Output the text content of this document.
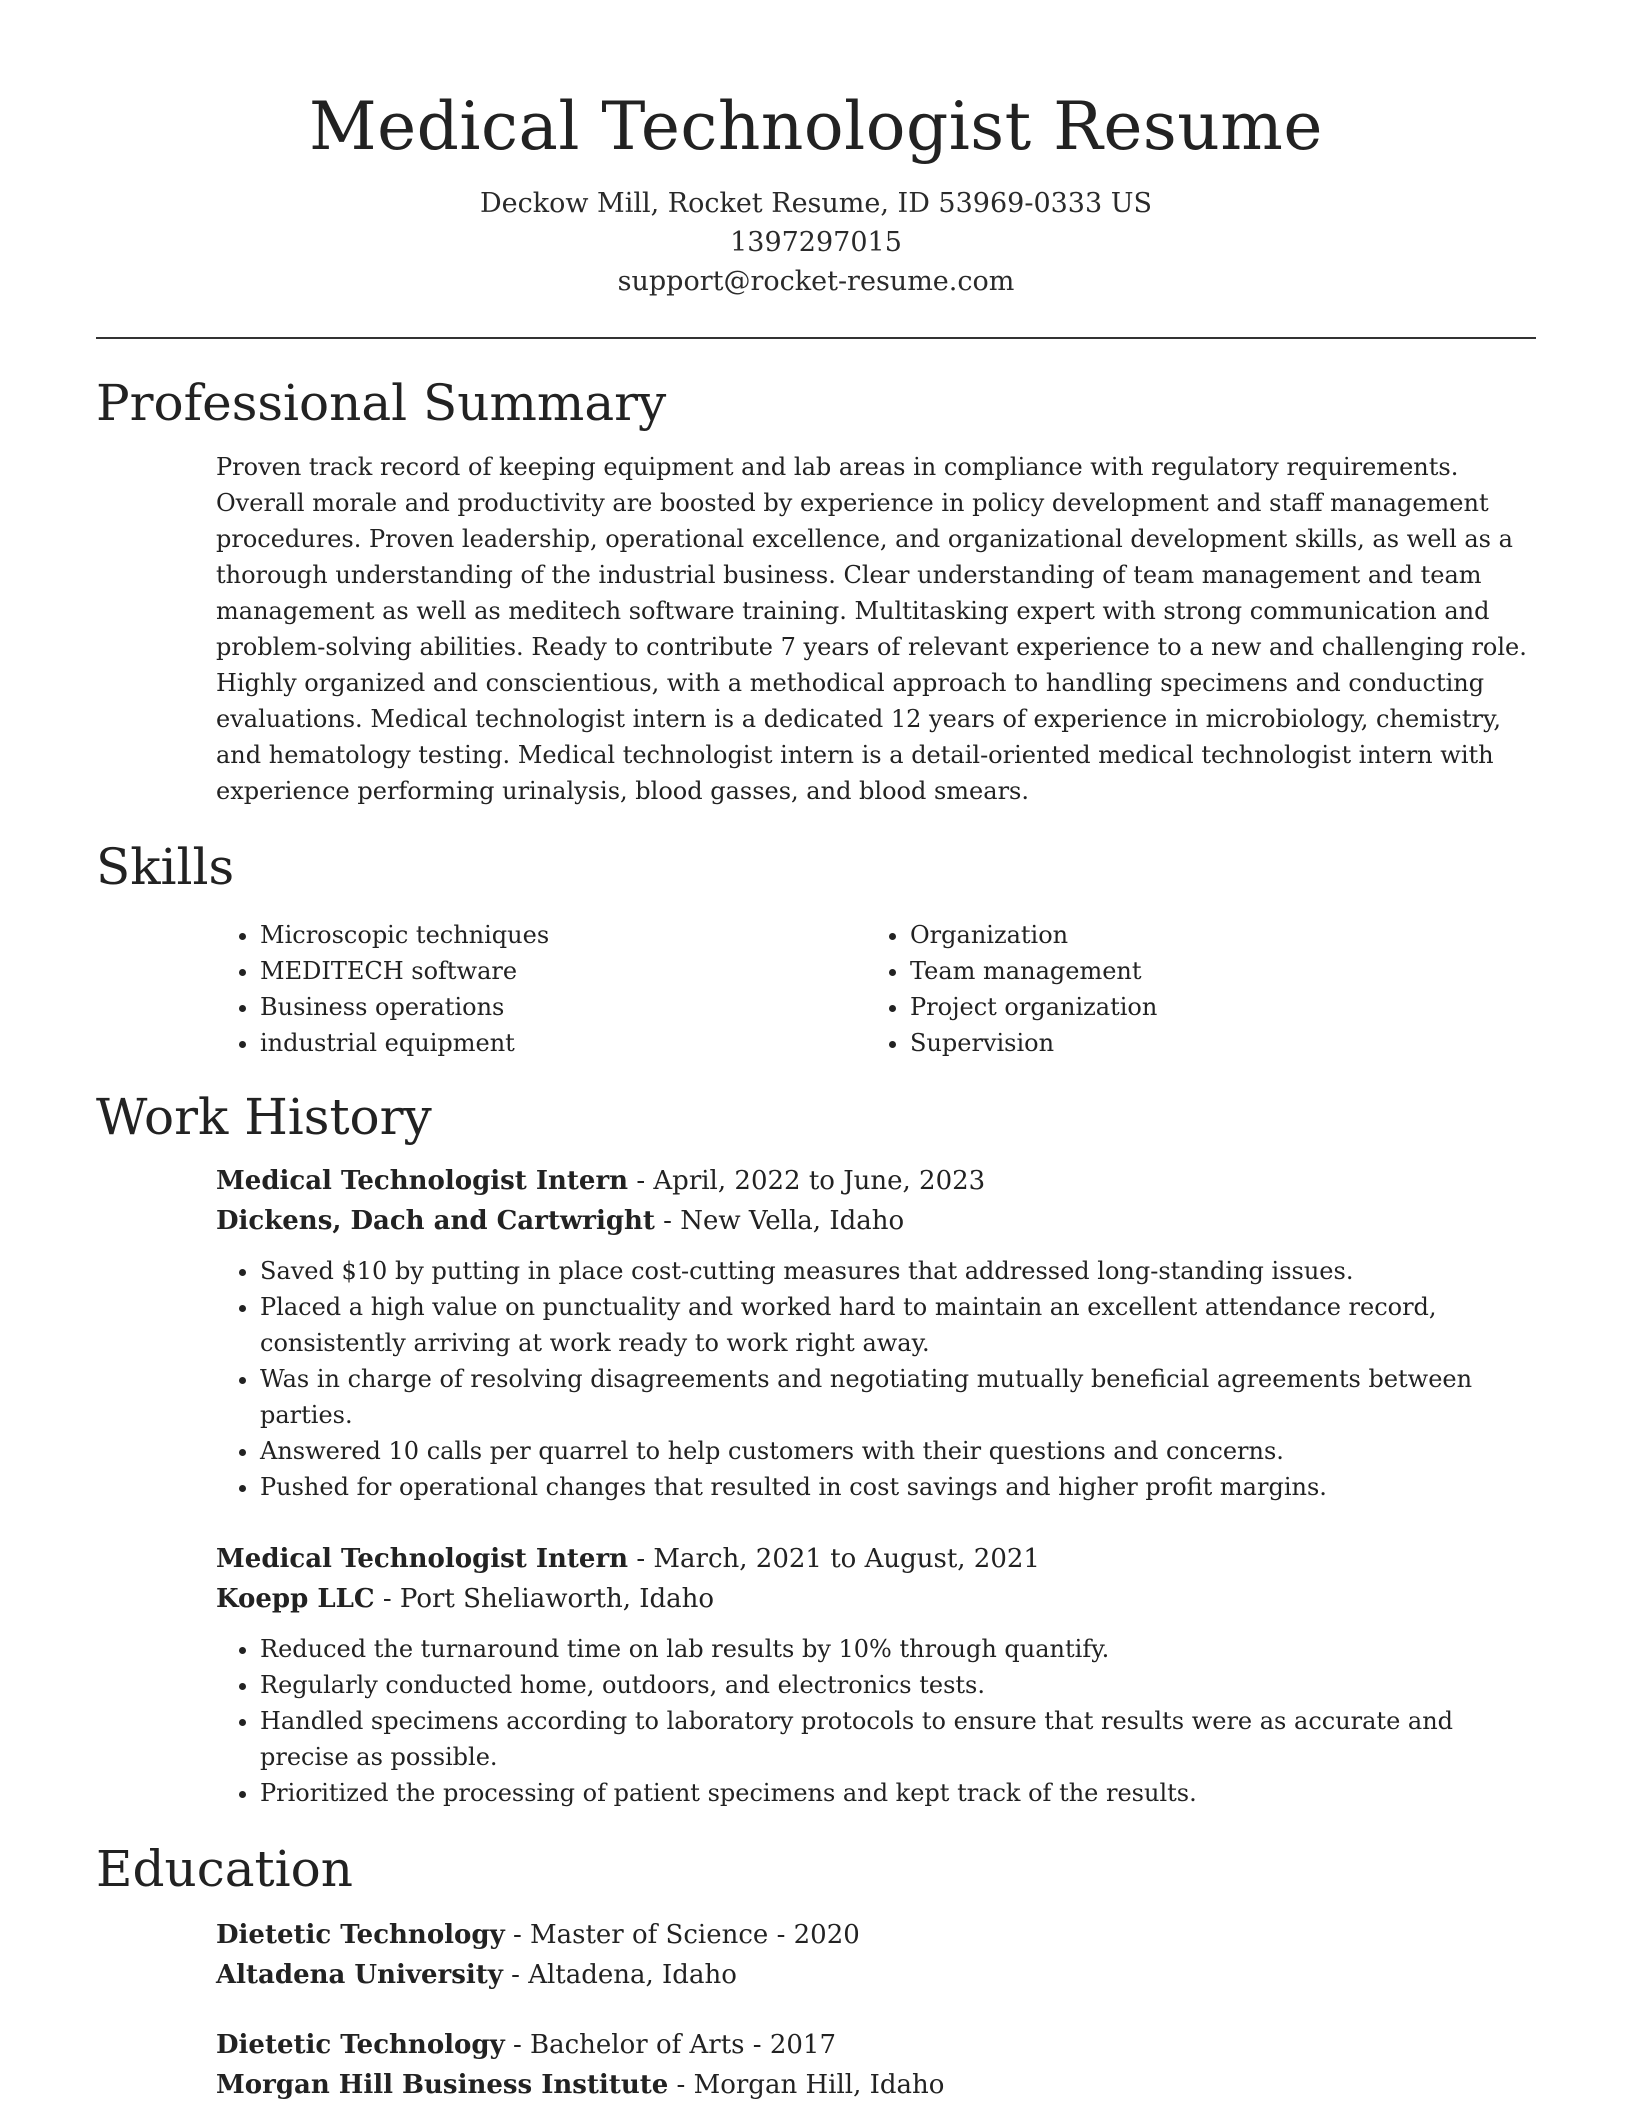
Medical Technologist Resume
Deckow Mill, Rocket Resume, ID 53969-0333 US
1397297015
support@rocket-resume.com
Professional Summary
Proven track record of keeping equipment and lab areas in compliance with regulatory requirements. Overall morale and productivity are boosted by experience in policy development and staff management procedures. Proven leadership, operational excellence, and organizational development skills, as well as a thorough understanding of the industrial business. Clear understanding of team management and team management as well as meditech software training. Multitasking expert with strong communication and problem-solving abilities. Ready to contribute 7 years of relevant experience to a new and challenging role. Highly organized and conscientious, with a methodical approach to handling specimens and conducting evaluations. Medical technologist intern is a dedicated 12 years of experience in microbiology, chemistry, and hematology testing. Medical technologist intern is a detail-oriented medical technologist intern with experience performing urinalysis, blood gasses, and blood smears.
Skills
• Microscopic techniques
• MEDITECH software
• Business operations
• industrial equipment
• Organization
• Team management
• Project organization
• Supervision
Work History
Medical Technologist Intern - April, 2022 to June, 2023
Dickens, Dach and Cartwright - New Vella, Idaho
• Saved $10 by putting in place cost-cutting measures that addressed long-standing issues.
• Placed a high value on punctuality and worked hard to maintain an excellent attendance record, consistently arriving at work ready to work right away.
• Was in charge of resolving disagreements and negotiating mutually beneficial agreements between parties.
• Answered 10 calls per quarrel to help customers with their questions and concerns.
• Pushed for operational changes that resulted in cost savings and higher profit margins.
Medical Technologist Intern - March, 2021 to August, 2021
Koepp LLC - Port Sheliaworth, Idaho
• Reduced the turnaround time on lab results by 10% through quantify.
• Regularly conducted home, outdoors, and electronics tests.
• Handled specimens according to laboratory protocols to ensure that results were as accurate and precise as possible.
• Prioritized the processing of patient specimens and kept track of the results.
Education
Dietetic Technology - Master of Science - 2020
Altadena University - Altadena, Idaho
Dietetic Technology - Bachelor of Arts - 2017
Morgan Hill Business Institute - Morgan Hill, Idaho
